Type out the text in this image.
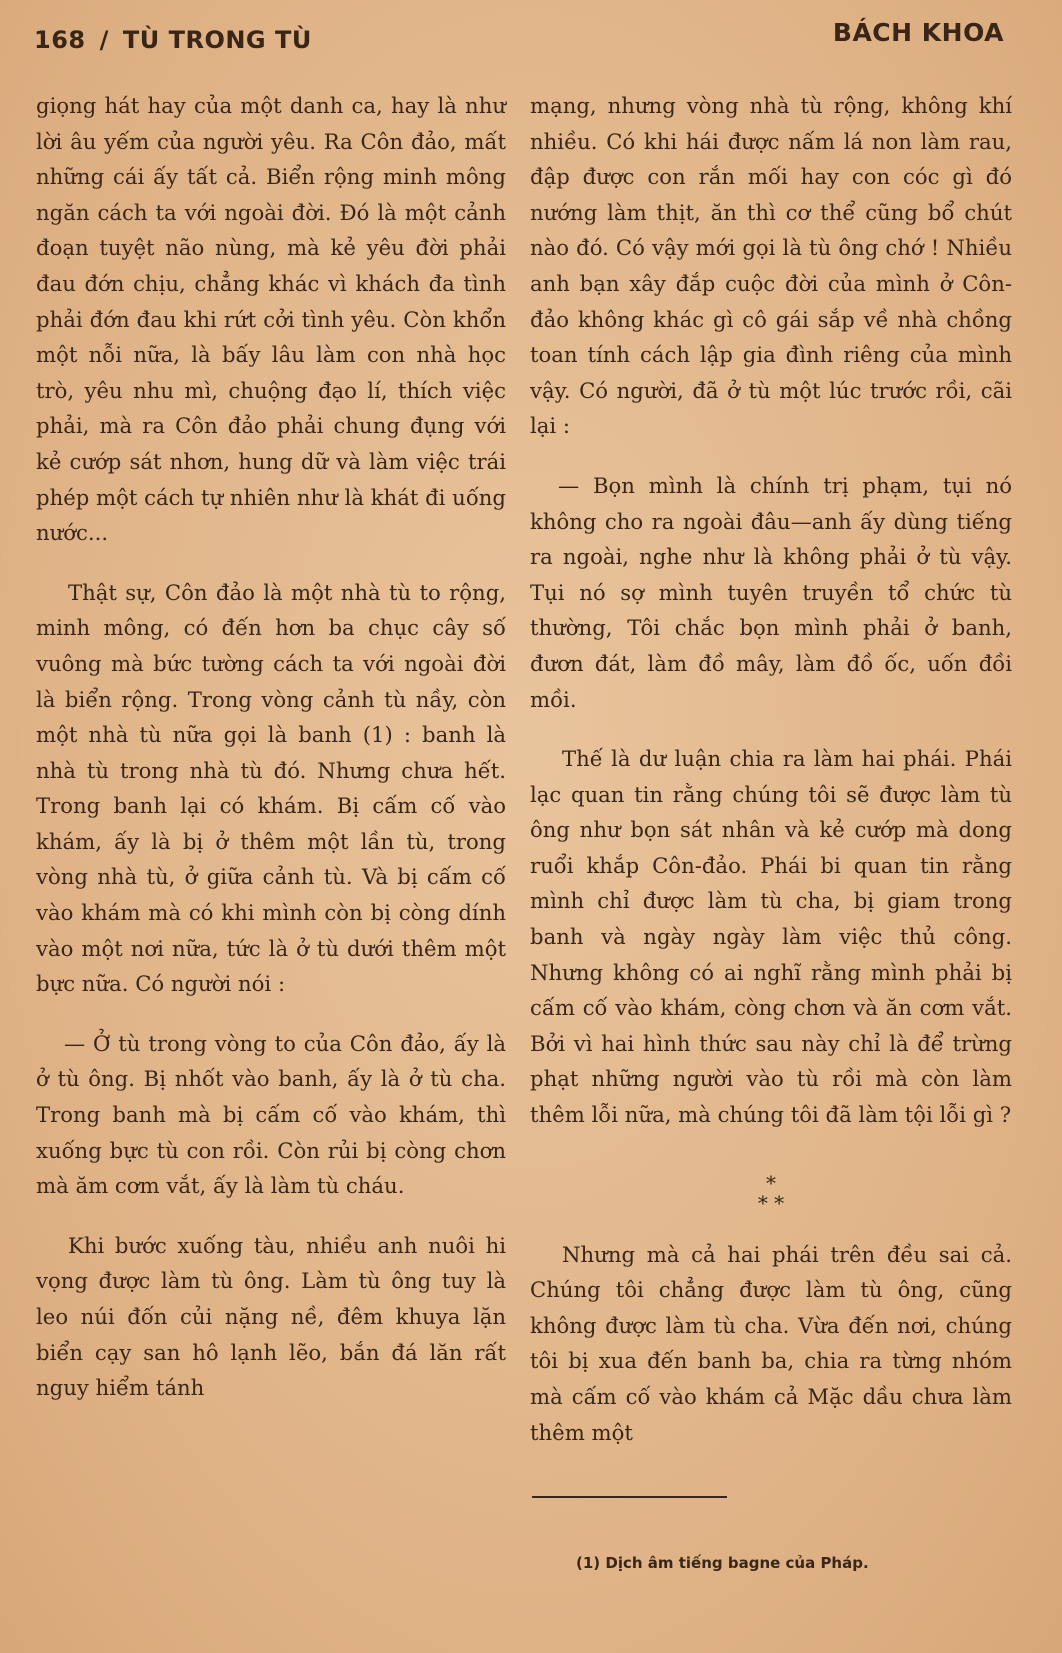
168 / TÙ TRONG TÙ	BÁCH KHOA

giọng hát hay của một danh ca, hay là như lời âu yếm của người yêu. Ra Côn đảo, mất những cái ấy tất cả. Biển rộng minh mông ngăn cách ta với ngoài đời. Đó là một cảnh đoạn tuyệt não nùng, mà kẻ yêu đời phải đau đớn chịu, chẳng khác vì khách đa tình phải đớn đau khi rứt cởi tình yêu. Còn khổn một nỗi nữa, là bấy lâu làm con nhà học trò, yêu nhu mì, chuộng đạo lí, thích việc phải, mà ra Côn đảo phải chung đụng với kẻ cướp sát nhơn, hung dữ và làm việc trái phép một cách tự nhiên như là khát đi uống nước...

Thật sự, Côn đảo là một nhà tù to rộng, minh mông, có đến hơn ba chục cây số vuông mà bức tường cách ta với ngoài đời là biển rộng. Trong vòng cảnh tù nầy, còn một nhà tù nữa gọi là banh (1) : banh là nhà tù trong nhà tù đó. Nhưng chưa hết. Trong banh lại có khám. Bị cấm cố vào khám, ấy là bị ở thêm một lần tù, trong vòng nhà tù, ở giữa cảnh tù. Và bị cấm cố vào khám mà có khi mình còn bị còng dính vào một nơi nữa, tức là ở tù dưới thêm một bực nữa. Có người nói :

— Ở tù trong vòng to của Côn đảo, ấy là ở tù ông. Bị nhốt vào banh, ấy là ở tù cha. Trong banh mà bị cấm cố vào khám, thì xuống bực tù con rồi. Còn rủi bị còng chơn mà ăm cơm vắt, ấy là làm tù cháu.

Khi bước xuống tàu, nhiều anh nuôi hi vọng được làm tù ông. Làm tù ông tuy là leo núi đốn củi nặng nề, đêm khuya lặn biển cạy san hô lạnh lẽo, bắn đá lăn rất nguy hiểm tánh

mạng, nhưng vòng nhà tù rộng, không khí nhiều. Có khi hái được nấm lá non làm rau, đập được con rắn mối hay con cóc gì đó nướng làm thịt, ăn thì cơ thể cũng bổ chút nào đó. Có vậy mới gọi là tù ông chớ ! Nhiều anh bạn xây đắp cuộc đời của mình ở Côn-đảo không khác gì cô gái sắp về nhà chồng toan tính cách lập gia đình riêng của mình vậy. Có người, đã ở tù một lúc trước rồi, cãi lại :

— Bọn mình là chính trị phạm, tụi nó không cho ra ngoài đâu—anh ấy dùng tiếng ra ngoài, nghe như là không phải ở tù vậy. Tụi nó sợ mình tuyên truyền tổ chức tù thường, Tôi chắc bọn mình phải ở banh, đươn đát, làm đồ mây, làm đồ ốc, uốn đồi mồi.

Thế là dư luận chia ra làm hai phái. Phái lạc quan tin rằng chúng tôi sẽ được làm tù ông như bọn sát nhân và kẻ cướp mà dong ruổi khắp Côn-đảo. Phái bi quan tin rằng mình chỉ được làm tù cha, bị giam trong banh và ngày ngày làm việc thủ công. Nhưng không có ai nghĩ rằng mình phải bị cấm cố vào khám, còng chơn và ăn cơm vắt. Bởi vì hai hình thức sau này chỉ là để trừng phạt những người vào tù rồi mà còn làm thêm lỗi nữa, mà chúng tôi đã làm tội lỗi gì ?

*
* *

Nhưng mà cả hai phái trên đều sai cả. Chúng tôi chẳng được làm tù ông, cũng không được làm tù cha. Vừa đến nơi, chúng tôi bị xua đến banh ba, chia ra từng nhóm mà cấm cố vào khám cả Mặc dầu chưa làm thêm một

(1) Dịch âm tiếng bagne của Pháp.
